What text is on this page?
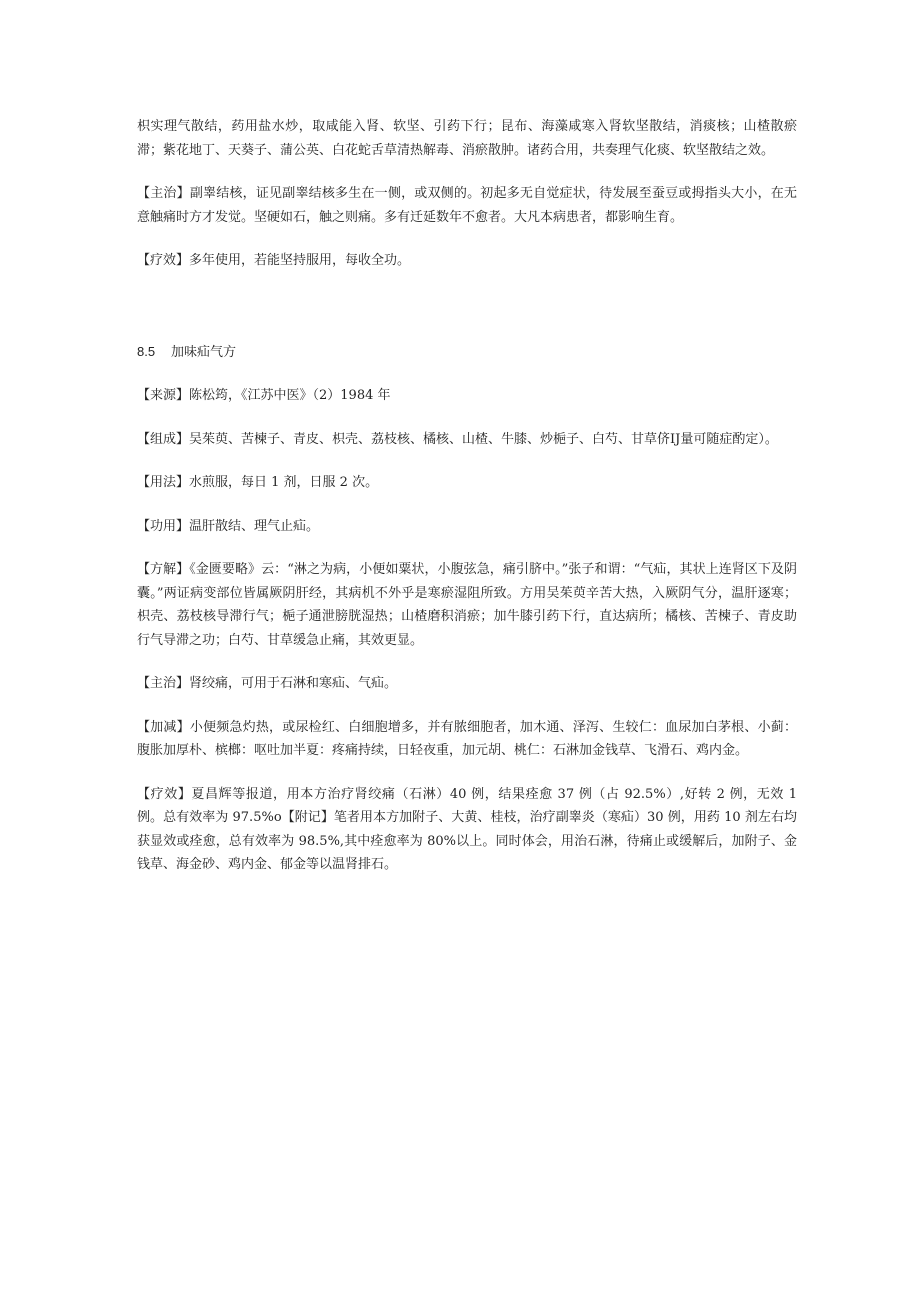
枳实理气散结，药用盐水炒，取咸能入肾、软坚、引药下行；昆布、海藻咸寒入肾软坚散结，消痰核；山楂散瘀滞；紫花地丁、天葵子、蒲公英、白花蛇舌草清热解毒、消瘀散肿。诸药合用，共奏理气化痰、软坚散结之效。

【主治】副睾结核，证见副睾结核多生在一侧，或双侧的。初起多无自觉症状，待发展至蚕豆或拇指头大小，在无意触痛时方才发觉。坚硬如石，触之则痛。多有迁延数年不愈者。大凡本病患者，都影响生育。

【疗效】多年使用，若能坚持服用，每收全功。

8.5 加味疝气方

【来源】陈松筠，《江苏中医》（2）1984 年

【组成】吴茱萸、苦楝子、青皮、枳壳、荔枝核、橘核、山楂、牛膝、炒梔子、白芍、甘草侪IJ量可随症酌定）。

【用法】水煎服，每日 1 剂，日服 2 次。

【功用】温肝散结、理气止疝。

【方解】《金匮要略》云：“淋之为病，小便如粟状，小腹弦急，痛引脐中。”张子和谓：“气疝，其状上连肾区下及阴囊。”两证病变部位皆属厥阴肝经，其病机不外乎是寒瘀湿阻所致。方用吴茱萸辛苦大热，入厥阴气分，温肝逐寒；枳壳、荔枝核导滞行气；梔子通泄膀胱湿热；山楂磨积消瘀；加牛膝引药下行，直达病所；橘核、苦楝子、青皮助行气导滞之功；白芍、甘草缓急止痛，其效更显。

【主治】肾绞痛，可用于石淋和寒疝、气疝。

【加减】小便频急灼热，或尿检红、白细胞增多，并有脓细胞者，加木通、泽泻、生较仁：血尿加白茅根、小蓟：腹胀加厚朴、槟榔：呕吐加半夏：疼痛持续，日轻夜重，加元胡、桃仁：石淋加金钱草、飞滑石、鸡内金。

【疗效】夏昌辉等报道，用本方治疗肾绞痛（石淋）40 例，结果痊愈 37 例（占 92.5%）,好转 2 例，无效 1 例。总有效率为 97.5%o【附记】笔者用本方加附子、大黄、桂枝，治疗副睾炎（寒疝）30 例，用药 10 剂左右均获显效或痊愈，总有效率为 98.5%,其中痊愈率为 80%以上。同时体会，用治石淋，待痛止或缓解后，加附子、金钱草、海金砂、鸡内金、郁金等以温肾排石。
